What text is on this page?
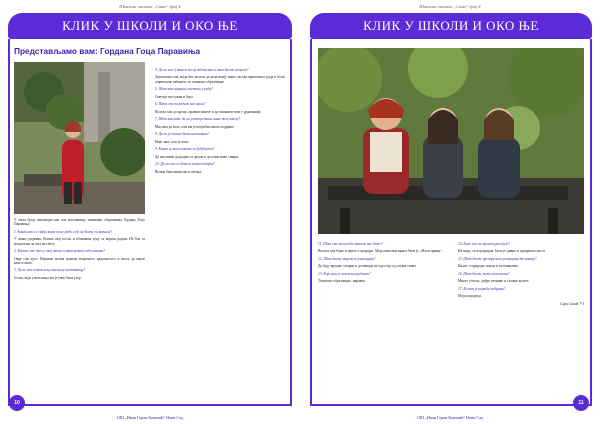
Школски часопис „Сава“ број 4
КЛИК У ШКОЛИ И ОКО ЊЕ
Представљамо вам: Гордана Гоца Паравиња

У овом броју интервјуисали смо наставницу техничког образовања Гордану Гоцу Паравињу.

1. Какво вам се свиђа ваше поље рада и да ли бисте га мењали?

У звању радника. Волим свој посао и обожавам децу са којима радим. Не бих га мењала ни за шта на свету.

2. Колико сте дуго у овој школи и шта волите код ученика?

Овде сам дуго. Највише волим њихову искреност, радозналост и жељу да науче нешто ново.

3. Да ли сте имали неку омиљену наставницу?

Јесам, моја учитељица ми је увек била узор.

4. Да ли сте у вашем послу задовољни и шта бисте мењали?

Задовољна сам, мада бих волела да деца имају више часова практичног рада и боље опремљене кабинете за техничко образовање.

5. Шта вам највише сметана у раду?

Сметају ми гужва и бука.

6. Шта сте ви радили као мали?

Волела сам да цртам, правим макете и да помажем тати у радионици.

7. Шта мислите да ли ученици данас више воле школу?

Мислим да воле, али им је потребно више подршке.

8. Да ли је тешко бити наставник?

Није лако, али је лепо.

9. Какви су вам планови за будућност?

Да наставим да радим са децом и да учим нове ствари.

10. Да ли сте се бавили неким хобијем?

Волим баштованство и шетње.

10
ОШ „Иван Горан Ковачић“ Нови Сад
Школски часопис „Сава“ број 4
КЛИК У ШКОЛИ И ОКО ЊЕ

11. Шта сте волели да читате као дете?

Волела сам бајке и приче о природи. Моја омиљена књига била је „Мали принц“.

12. Шта бисте поручили ученицима?

Да буду вредни, упорни и да никада не одустају од својих снова.

13. Који вам је омиљени предмет?

Техничко образовање, наравно.

14. Како сте ви провели распуст?

На мору, са породицом. Било је дивно и одморила сам се.

15. Шта бисте препоручили ученицима да читају?

Књиге о природи, науци и путовањима.

16. Шта бисте пожелели школи?

Много успеха, добре ученике и сложне колеге.

17. Ко вам је највећа подршка?

Моја породица.

Сара Савић 7-3

11
ОШ „Иван Горан Ковачић“ Нови Сад
